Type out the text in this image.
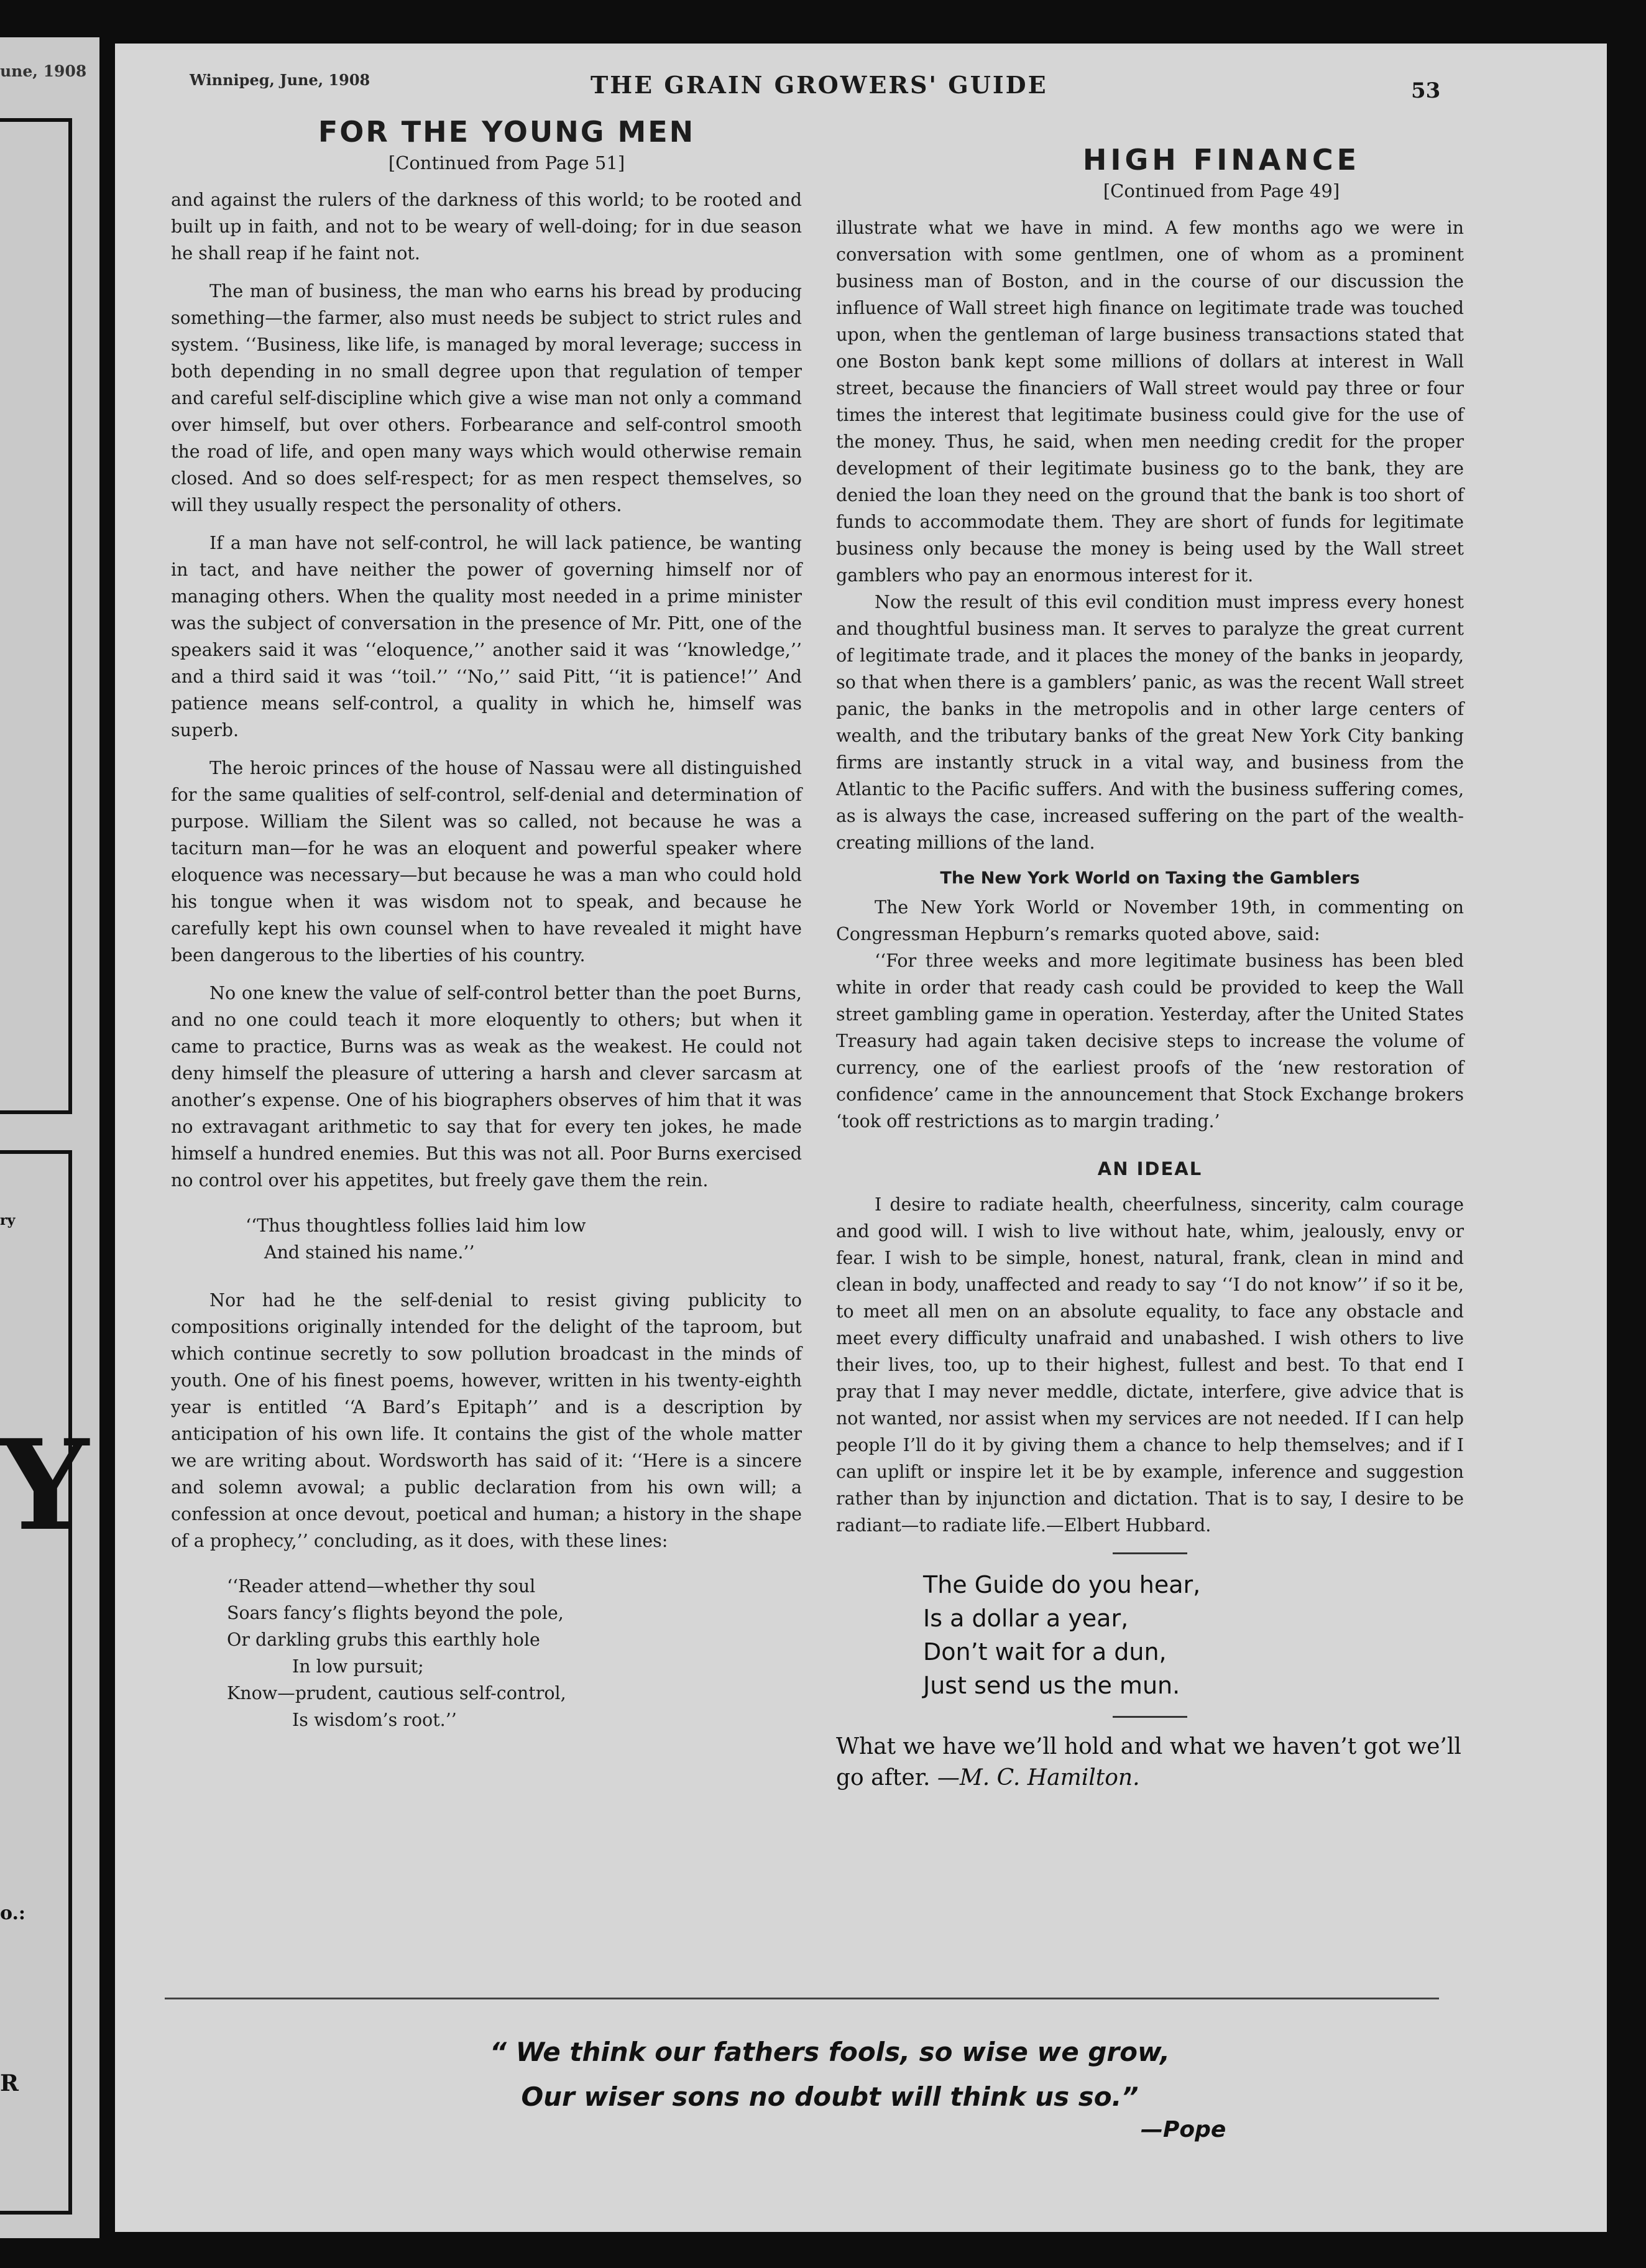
une, 1908
ry
Y
o.:
R
Winnipeg, June, 1908	THE GRAIN GROWERS' GUIDE	53
FOR THE YOUNG MEN
[Continued from Page 51]	HIGH FINANCE
[Continued from Page 49]

and against the rulers of the darkness of this world; to be rooted and built up in faith, and not to be weary of well-doing; for in due season he shall reap if he faint not.

The man of business, the man who earns his bread by producing something—the farmer, also must needs be subject to strict rules and system. ‘‘Business, like life, is managed by moral leverage; success in both depending in no small degree upon that regulation of temper and careful self-discipline which give a wise man not only a command over himself, but over others. Forbearance and self-control smooth the road of life, and open many ways which would otherwise remain closed. And so does self-respect; for as men respect themselves, so will they usually respect the personality of others.

If a man have not self-control, he will lack patience, be wanting in tact, and have neither the power of governing himself nor of managing others. When the quality most needed in a prime minister was the subject of conversation in the presence of Mr. Pitt, one of the speakers said it was ‘‘eloquence,’’ another said it was ‘‘knowledge,’’ and a third said it was ‘‘toil.’’ ‘‘No,’’ said Pitt, ‘‘it is patience!’’ And patience means self-control, a quality in which he, himself was superb.

The heroic princes of the house of Nassau were all distinguished for the same qualities of self-control, self-denial and determination of purpose. William the Silent was so called, not because he was a taciturn man—for he was an eloquent and powerful speaker where eloquence was necessary—but because he was a man who could hold his tongue when it was wisdom not to speak, and because he carefully kept his own counsel when to have revealed it might have been dangerous to the liberties of his country.

No one knew the value of self-control better than the poet Burns, and no one could teach it more eloquently to others; but when it came to practice, Burns was as weak as the weakest. He could not deny himself the pleasure of uttering a harsh and clever sarcasm at another’s expense. One of his biographers observes of him that it was no extravagant arithmetic to say that for every ten jokes, he made himself a hundred enemies. But this was not all. Poor Burns exercised no control over his appetites, but freely gave them the rein.

‘‘Thus thoughtless follies laid him low
And stained his name.’’

Nor had he the self-denial to resist giving publicity to compositions originally intended for the delight of the taproom, but which continue secretly to sow pollution broadcast in the minds of youth. One of his finest poems, however, written in his twenty-eighth year is entitled ‘‘A Bard’s Epitaph’’ and is a description by anticipation of his own life. It contains the gist of the whole matter we are writing about. Wordsworth has said of it: ‘‘Here is a sincere and solemn avowal; a public declaration from his own will; a confession at once devout, poetical and human; a history in the shape of a prophecy,’’ concluding, as it does, with these lines:

‘‘Reader attend—whether thy soul
Soars fancy’s flights beyond the pole,
Or darkling grubs this earthly hole
In low pursuit;
Know—prudent, cautious self-control,
Is wisdom’s root.’’

illustrate what we have in mind. A few months ago we were in conversation with some gentlmen, one of whom as a prominent business man of Boston, and in the course of our discussion the influence of Wall street high finance on legitimate trade was touched upon, when the gentleman of large business transactions stated that one Boston bank kept some millions of dollars at interest in Wall street, because the financiers of Wall street would pay three or four times the interest that legitimate business could give for the use of the money. Thus, he said, when men needing credit for the proper development of their legitimate business go to the bank, they are denied the loan they need on the ground that the bank is too short of funds to accommodate them. They are short of funds for legitimate business only because the money is being used by the Wall street gamblers who pay an enormous interest for it.

Now the result of this evil condition must impress every honest and thoughtful business man. It serves to paralyze the great current of legitimate trade, and it places the money of the banks in jeopardy, so that when there is a gamblers’ panic, as was the recent Wall street panic, the banks in the metropolis and in other large centers of wealth, and the tributary banks of the great New York City banking firms are instantly struck in a vital way, and business from the Atlantic to the Pacific suffers. And with the business suffering comes, as is always the case, increased suffering on the part of the wealth-creating millions of the land.

The New York World on Taxing the Gamblers

The New York World or November 19th, in commenting on Congressman Hepburn’s remarks quoted above, said:

‘‘For three weeks and more legitimate business has been bled white in order that ready cash could be provided to keep the Wall street gambling game in operation. Yesterday, after the United States Treasury had again taken decisive steps to increase the volume of currency, one of the earliest proofs of the ‘new restoration of confidence’ came in the announcement that Stock Exchange brokers ‘took off restrictions as to margin trading.’

AN IDEAL

I desire to radiate health, cheerfulness, sincerity, calm courage and good will. I wish to live without hate, whim, jealously, envy or fear. I wish to be simple, honest, natural, frank, clean in mind and clean in body, unaffected and ready to say ‘‘I do not know’’ if so it be, to meet all men on an absolute equality, to face any obstacle and meet every difficulty unafraid and unabashed. I wish others to live their lives, too, up to their highest, fullest and best. To that end I pray that I may never meddle, dictate, interfere, give advice that is not wanted, nor assist when my services are not needed. If I can help people I’ll do it by giving them a chance to help themselves; and if I can uplift or inspire let it be by example, inference and suggestion rather than by injunction and dictation. That is to say, I desire to be radiant—to radiate life.—Elbert Hubbard.

The Guide do you hear,
Is a dollar a year,
Don’t wait for a dun,
Just send us the mun.
What we have we’ll hold and what we haven’t got we’ll go after. —M. C. Hamilton.
“ We think our fathers fools, so wise we grow,
Our wiser sons no doubt will think us so.”
—Pope
